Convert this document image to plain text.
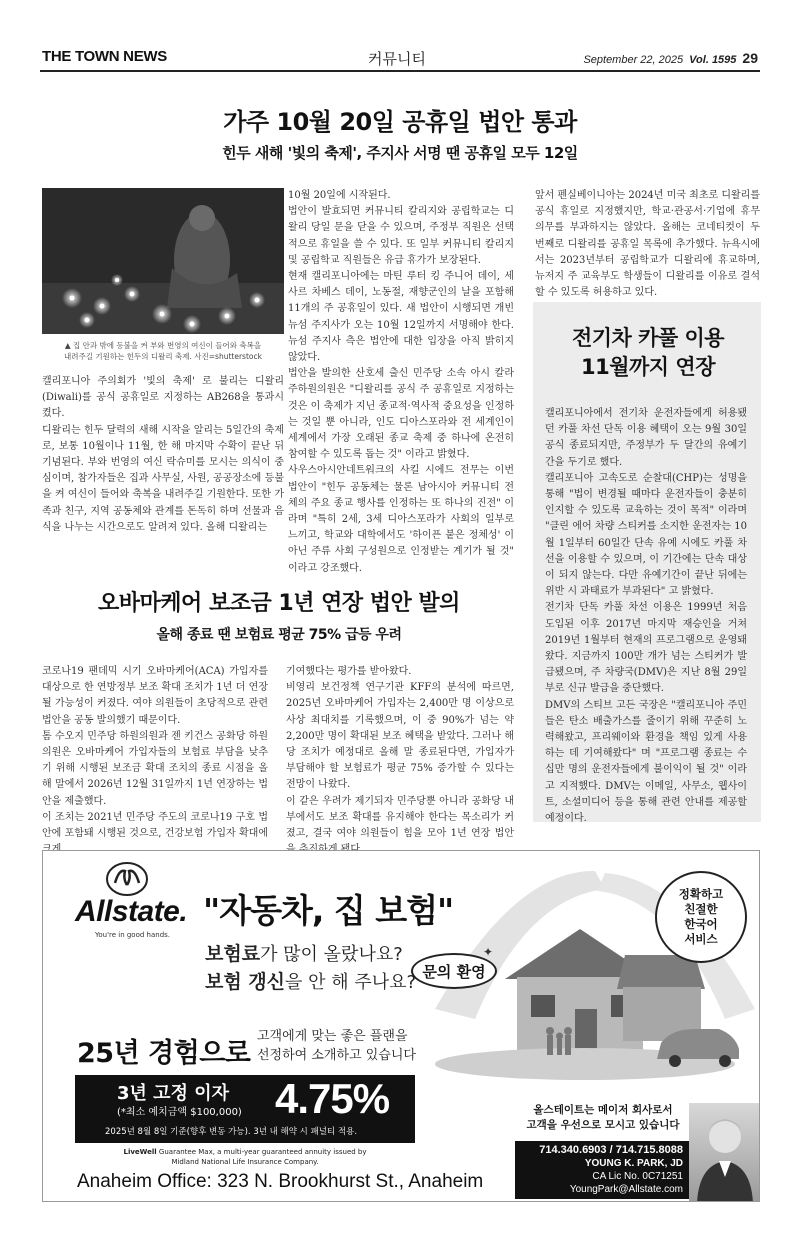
THE TOWN NEWS	커뮤니티	September 22, 2025 Vol. 1595 29
가주 10월 20일 공휴일 법안 통과
힌두 새해 '빛의 축제', 주지사 서명 땐 공휴일 모두 12일
▲ 집 안과 밖에 등불을 켜 부와 번영의 여신이 들어와 축복을
내려주길 기원하는 힌두의 디왈리 축제. 사진=shutterstock
캘리포니아 주의회가 '빛의 축제' 로 불리는 디왈리(Diwali)를 공식 공휴일로 지정하는 AB268을 통과시켰다.
디왈리는 힌두 달력의 새해 시작을 알리는 5일간의 축제로, 보통 10월이나 11월, 한 해 마지막 수확이 끝난 뒤 기념된다. 부와 번영의 여신 락슈미를 모시는 의식이 중심이며, 참가자들은 집과 사무실, 사원, 공공장소에 등불을 켜 여신이 들어와 축복을 내려주길 기원한다. 또한 가족과 친구, 지역 공동체와 관계를 돈독히 하며 선물과 음식을 나누는 시간으로도 알려져 있다. 올해 디왈리는
10월 20일에 시작된다.
법안이 발효되면 커뮤니티 칼리지와 공립학교는 디왈리 당일 문을 닫을 수 있으며, 주정부 직원은 선택적으로 휴일을 쓸 수 있다. 또 일부 커뮤니티 칼리지 및 공립학교 직원들은 유급 휴가가 보장된다.
현재 캘리포니아에는 마틴 루터 킹 주니어 데이, 세사르 차베스 데이, 노동절, 재향군인의 날을 포함해 11개의 주 공휴일이 있다. 새 법안이 시행되면 개빈 뉴섬 주지사가 오는 10월 12일까지 서명해야 한다. 뉴섬 주지사 측은 법안에 대한 입장을 아직 밝히지 않았다.
법안을 발의한 산호세 출신 민주당 소속 아시 칼라 주하원의원은 "디왈리를 공식 주 공휴일로 지정하는 것은 이 축제가 지닌 종교적·역사적 중요성을 인정하는 것일 뿐 아니라, 인도 디아스포라와 전 세계인이 세계에서 가장 오래된 종교 축제 중 하나에 온전히 참여할 수 있도록 돕는 것" 이라고 밝혔다.
사우스아시안네트워크의 사킬 시에드 전무는 이번 법안이 "힌두 공동체는 물론 남아시아 커뮤니티 전체의 주요 종교 행사를 인정하는 또 하나의 진전" 이라며 "특히 2세, 3세 디아스포라가 사회의 일부로 느끼고, 학교와 대학에서도 '하이픈 붙은 정체성' 이 아닌 주류 사회 구성원으로 인정받는 계기가 될 것" 이라고 강조했다.
앞서 펜실베이니아는 2024년 미국 최초로 디왈리를 공식 휴일로 지정했지만, 학교·관공서·기업에 휴무 의무를 부과하지는 않았다. 올해는 코네티컷이 두 번째로 디왈리를 공휴일 목록에 추가했다. 뉴욕시에서는 2023년부터 공립학교가 디왈리에 휴교하며, 뉴저지 주 교육부도 학생들이 디왈리를 이유로 결석할 수 있도록 허용하고 있다.
전기차 카풀 이용
11월까지 연장
캘리포니아에서 전기차 운전자들에게 허용됐던 카풀 차선 단독 이용 혜택이 오는 9월 30일 공식 종료되지만, 주정부가 두 달간의 유예기간을 두기로 했다.
캘리포니아 고속도로 순찰대(CHP)는 성명을 통해 "법이 변경될 때마다 운전자들이 충분히 인지할 수 있도록 교육하는 것이 목적" 이라며 "클린 에어 차량 스티커를 소지한 운전자는 10월 1일부터 60일간 단속 유예 시에도 카풀 차선을 이용할 수 있으며, 이 기간에는 단속 대상이 되지 않는다. 다만 유예기간이 끝난 뒤에는 위반 시 과태료가 부과된다" 고 밝혔다.
전기차 단독 카풀 차선 이용은 1999년 처음 도입된 이후 2017년 마지막 재승인을 거쳐 2019년 1월부터 현재의 프로그램으로 운영돼 왔다. 지금까지 100만 개가 넘는 스티커가 발급됐으며, 주 차량국(DMV)은 지난 8월 29일부로 신규 발급을 중단했다.
DMV의 스티브 고든 국장은 "캘리포니아 주민들은 탄소 배출가스를 줄이기 위해 꾸준히 노력해왔고, 프리웨이와 환경을 책임 있게 사용하는 데 기여해왔다" 며 "프로그램 종료는 수십만 명의 운전자들에게 불이익이 될 것" 이라고 지적했다. DMV는 이메일, 사무소, 웹사이트, 소셜미디어 등을 통해 관련 안내를 제공할 예정이다.
오바마케어 보조금 1년 연장 법안 발의
올해 종료 땐 보험료 평균 75% 급등 우려
코로나19 팬데믹 시기 오바마케어(ACA) 가입자를 대상으로 한 연방정부 보조 확대 조치가 1년 더 연장될 가능성이 커졌다. 여야 의원들이 초당적으로 관련 법안을 공동 발의했기 때문이다.
톰 수오지 민주당 하원의원과 젠 키건스 공화당 하원의원은 오바마케어 가입자들의 보험료 부담을 낮추기 위해 시행된 보조금 확대 조치의 종료 시점을 올해 말에서 2026년 12월 31일까지 1년 연장하는 법안을 제출했다.
이 조치는 2021년 민주당 주도의 코로나19 구호 법안에 포함돼 시행된 것으로, 건강보험 가입자 확대에
기여했다는 평가를 받아왔다.
비영리 보건정책 연구기관 KFF의 분석에 따르면, 2025년 오바마케어 가입자는 2,400만 명 이상으로 사상 최대치를 기록했으며, 이 중 90%가 넘는 약 2,200만 명이 확대된 보조 혜택을 받았다. 그러나 해당 조치가 예정대로 올해 말 종료된다면, 가입자가 부담해야 할 보험료가 평균 75% 증가할 수 있다는 전망이 나왔다.
이 같은 우려가 제기되자 민주당뿐 아니라 공화당 내부에서도 보조 확대를 유지해야 한다는 목소리가 커졌고, 결국 여야 의원들이 힘을 모아 1년 연장 법안
Allstate.
You're in good hands.
"자동차, 집 보험"
보험료가 많이 올랐나요?
보험 갱신을 안 해 주나요?
문의 환영
✦
정확하고
친절한
한국어
서비스
25년 경험으로
고객에게 맞는 좋은 플랜을
선정하여 소개하고 있습니다
3년 고정 이자
(*최소 예치금액 $100,000) 4.75%
2025년 8월 8일 기준(향후 변동 가능). 3년 내 해약 시 패널티 적용.
LiveWell Guarantee Max, a multi-year guaranteed annuity issued by
Midland National Life Insurance Company.
Anaheim Office: 323 N. Brookhurst St., Anaheim
올스테이트는 메이저 회사로서
고객을 우선으로 모시고 있습니다
714.340.6903 / 714.715.8088
YOUNG K. PARK, JD
CA Lic No. 0C71251
YoungPark@Allstate.com
